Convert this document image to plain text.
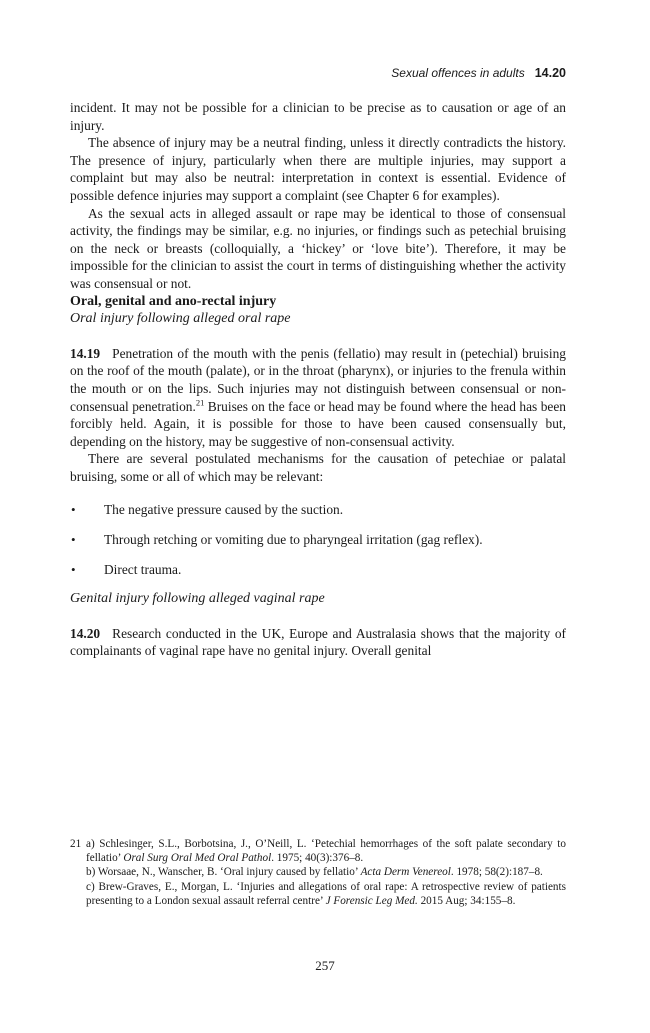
Sexual offences in adults 14.20

incident. It may not be possible for a clinician to be precise as to causation or age of an injury.

The absence of injury may be a neutral finding, unless it directly contradicts the history. The presence of injury, particularly when there are multiple injuries, may support a complaint but may also be neutral: interpretation in context is essential. Evidence of possible defence injuries may support a complaint (see Chapter 6 for examples).

As the sexual acts in alleged assault or rape may be identical to those of consensual activity, the findings may be similar, e.g. no injuries, or findings such as petechial bruising on the neck or breasts (colloquially, a ‘hickey’ or ‘love bite’). Therefore, it may be impossible for the clinician to assist the court in terms of distinguishing whether the activity was consensual or not.

Oral, genital and ano-rectal injury

Oral injury following alleged oral rape

14.19 Penetration of the mouth with the penis (fellatio) may result in (petechial) bruising on the roof of the mouth (palate), or in the throat (pharynx), or injuries to the frenula within the mouth or on the lips. Such injuries may not distinguish between consensual or non-consensual penetration.$^{21}$ Bruises on the face or head may be found where the head has been forcibly held. Again, it is possible for those to have been caused consensually but, depending on the history, may be suggestive of non-consensual activity.

There are several postulated mechanisms for the causation of petechiae or palatal bruising, some or all of which may be relevant:

• The negative pressure caused by the suction.
• Through retching or vomiting due to pharyngeal irritation (gag reflex).
• Direct trauma.

Genital injury following alleged vaginal rape

14.20 Research conducted in the UK, Europe and Australasia shows that the majority of complainants of vaginal rape have no genital injury. Overall genital

21 a) Schlesinger, S.L., Borbotsina, J., O’Neill, L. ‘Petechial hemorrhages of the soft palate secondary to fellatio’ Oral Surg Oral Med Oral Pathol. 1975; 40(3):376–8.

b) Worsaae, N., Wanscher, B. ‘Oral injury caused by fellatio’ Acta Derm Venereol. 1978; 58(2):187–8.

c) Brew-Graves, E., Morgan, L. ‘Injuries and allegations of oral rape: A retrospective review of patients presenting to a London sexual assault referral centre’ J Forensic Leg Med. 2015 Aug; 34:155–8.

257
